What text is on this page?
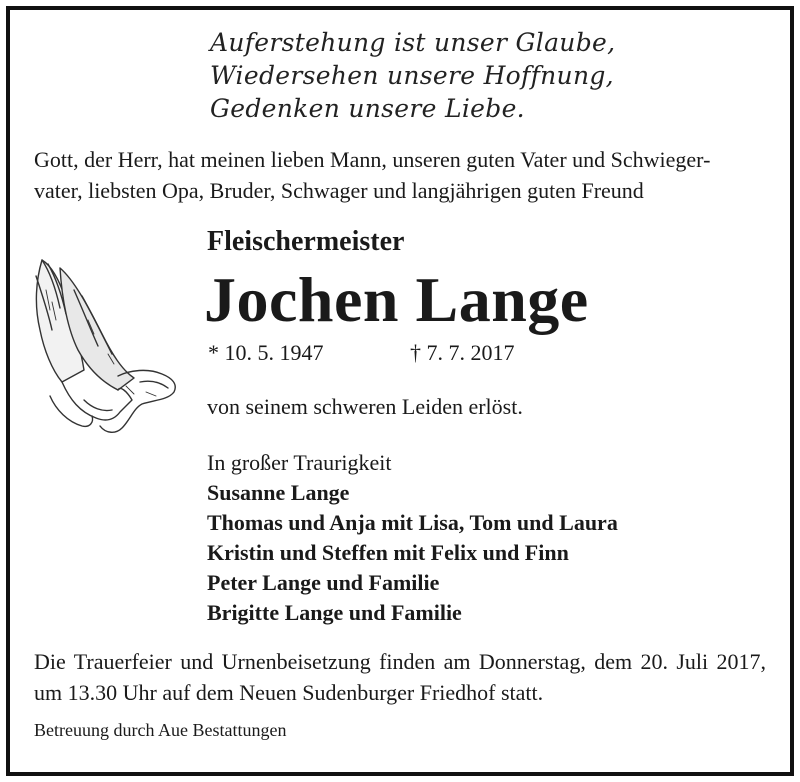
Auferstehung ist unser Glaube,
Wiedersehen unsere Hoffnung,
Gedenken unsere Liebe.
Gott, der Herr, hat meinen lieben Mann, unseren guten Vater und Schwieger-
vater, liebsten Opa, Bruder, Schwager und langjährigen guten Freund
Fleischermeister
Jochen Lange
* 10. 5. 1947	† 7. 7. 2017
von seinem schweren Leiden erlöst.
In großer Traurigkeit
Susanne Lange
Thomas und Anja mit Lisa, Tom und Laura
Kristin und Steffen mit Felix und Finn
Peter Lange und Familie
Brigitte Lange und Familie
Die Trauerfeier und Urnenbeisetzung finden am Donnerstag, dem 20. Juli 2017, um 13.30 Uhr auf dem Neuen Sudenburger Friedhof statt.
Betreuung durch Aue Bestattungen
